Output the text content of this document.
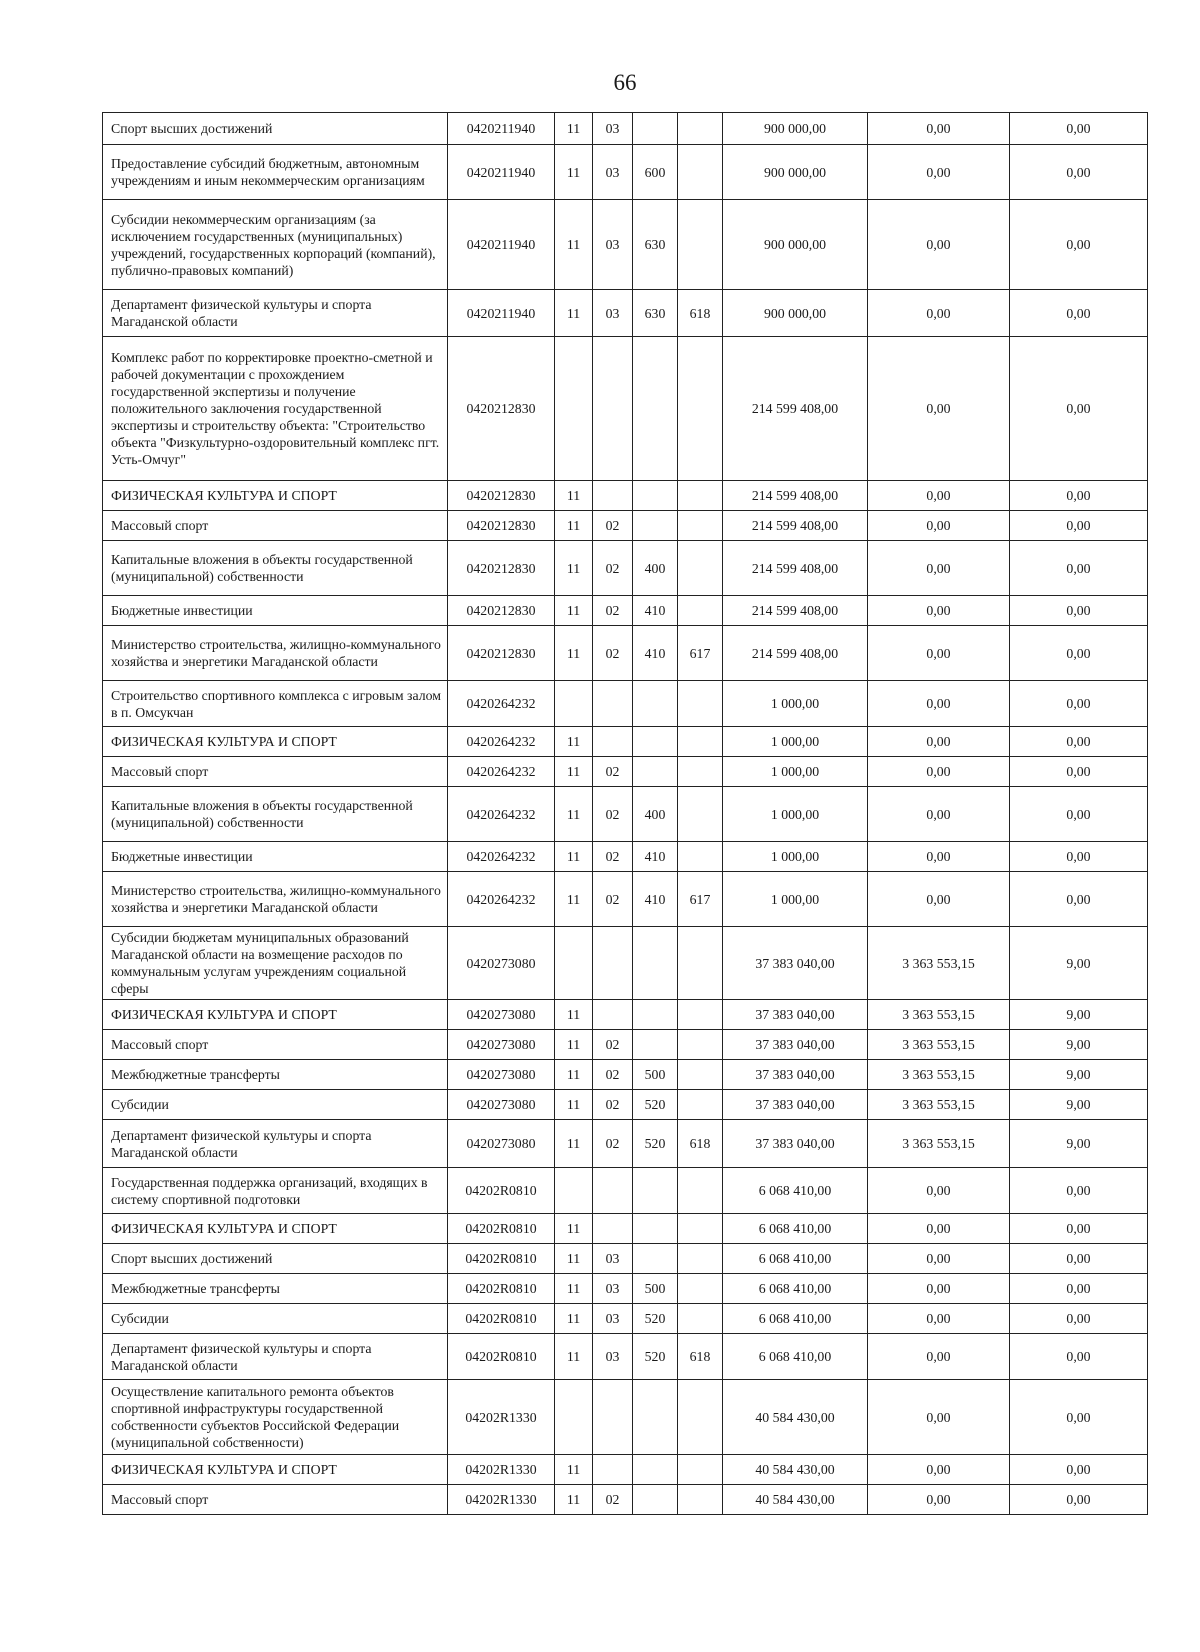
66
Спорт высших достижений	0420211940	11	03			900 000,00	0,00	0,00
Предоставление субсидий бюджетным, автономным учреждениям и иным некоммерческим организациям	0420211940	11	03	600		900 000,00	0,00	0,00
Субсидии некоммерческим организациям (за исключением государственных (муниципальных) учреждений, государственных корпораций (компаний), публично-правовых компаний)	0420211940	11	03	630		900 000,00	0,00	0,00
Департамент физической культуры и спорта Магаданской области	0420211940	11	03	630	618	900 000,00	0,00	0,00
Комплекс работ по корректировке проектно-сметной и рабочей документации с прохождением государственной экспертизы и получение положительного заключения государственной экспертизы и строительству объекта: "Строительство объекта "Физкультурно-оздоровительный комплекс пгт. Усть-Омчуг"	0420212830					214 599 408,00	0,00	0,00
ФИЗИЧЕСКАЯ КУЛЬТУРА И СПОРТ	0420212830	11				214 599 408,00	0,00	0,00
Массовый спорт	0420212830	11	02			214 599 408,00	0,00	0,00
Капитальные вложения в объекты государственной (муниципальной) собственности	0420212830	11	02	400		214 599 408,00	0,00	0,00
Бюджетные инвестиции	0420212830	11	02	410		214 599 408,00	0,00	0,00
Министерство строительства, жилищно-коммунального хозяйства и энергетики Магаданской области	0420212830	11	02	410	617	214 599 408,00	0,00	0,00
Строительство спортивного комплекса с игровым залом в п. Омсукчан	0420264232					1 000,00	0,00	0,00
ФИЗИЧЕСКАЯ КУЛЬТУРА И СПОРТ	0420264232	11				1 000,00	0,00	0,00
Массовый спорт	0420264232	11	02			1 000,00	0,00	0,00
Капитальные вложения в объекты государственной (муниципальной) собственности	0420264232	11	02	400		1 000,00	0,00	0,00
Бюджетные инвестиции	0420264232	11	02	410		1 000,00	0,00	0,00
Министерство строительства, жилищно-коммунального хозяйства и энергетики Магаданской области	0420264232	11	02	410	617	1 000,00	0,00	0,00
Субсидии бюджетам муниципальных образований Магаданской области на возмещение расходов по коммунальным услугам учреждениям социальной сферы	0420273080					37 383 040,00	3 363 553,15	9,00
ФИЗИЧЕСКАЯ КУЛЬТУРА И СПОРТ	0420273080	11				37 383 040,00	3 363 553,15	9,00
Массовый спорт	0420273080	11	02			37 383 040,00	3 363 553,15	9,00
Межбюджетные трансферты	0420273080	11	02	500		37 383 040,00	3 363 553,15	9,00
Субсидии	0420273080	11	02	520		37 383 040,00	3 363 553,15	9,00
Департамент физической культуры и спорта Магаданской области	0420273080	11	02	520	618	37 383 040,00	3 363 553,15	9,00
Государственная поддержка организаций, входящих в систему спортивной подготовки	04202R0810					6 068 410,00	0,00	0,00
ФИЗИЧЕСКАЯ КУЛЬТУРА И СПОРТ	04202R0810	11				6 068 410,00	0,00	0,00
Спорт высших достижений	04202R0810	11	03			6 068 410,00	0,00	0,00
Межбюджетные трансферты	04202R0810	11	03	500		6 068 410,00	0,00	0,00
Субсидии	04202R0810	11	03	520		6 068 410,00	0,00	0,00
Департамент физической культуры и спорта Магаданской области	04202R0810	11	03	520	618	6 068 410,00	0,00	0,00
Осуществление капитального ремонта объектов спортивной инфраструктуры государственной собственности субъектов Российской Федерации (муниципальной собственности)	04202R1330					40 584 430,00	0,00	0,00
ФИЗИЧЕСКАЯ КУЛЬТУРА И СПОРТ	04202R1330	11				40 584 430,00	0,00	0,00
Массовый спорт	04202R1330	11	02			40 584 430,00	0,00	0,00
